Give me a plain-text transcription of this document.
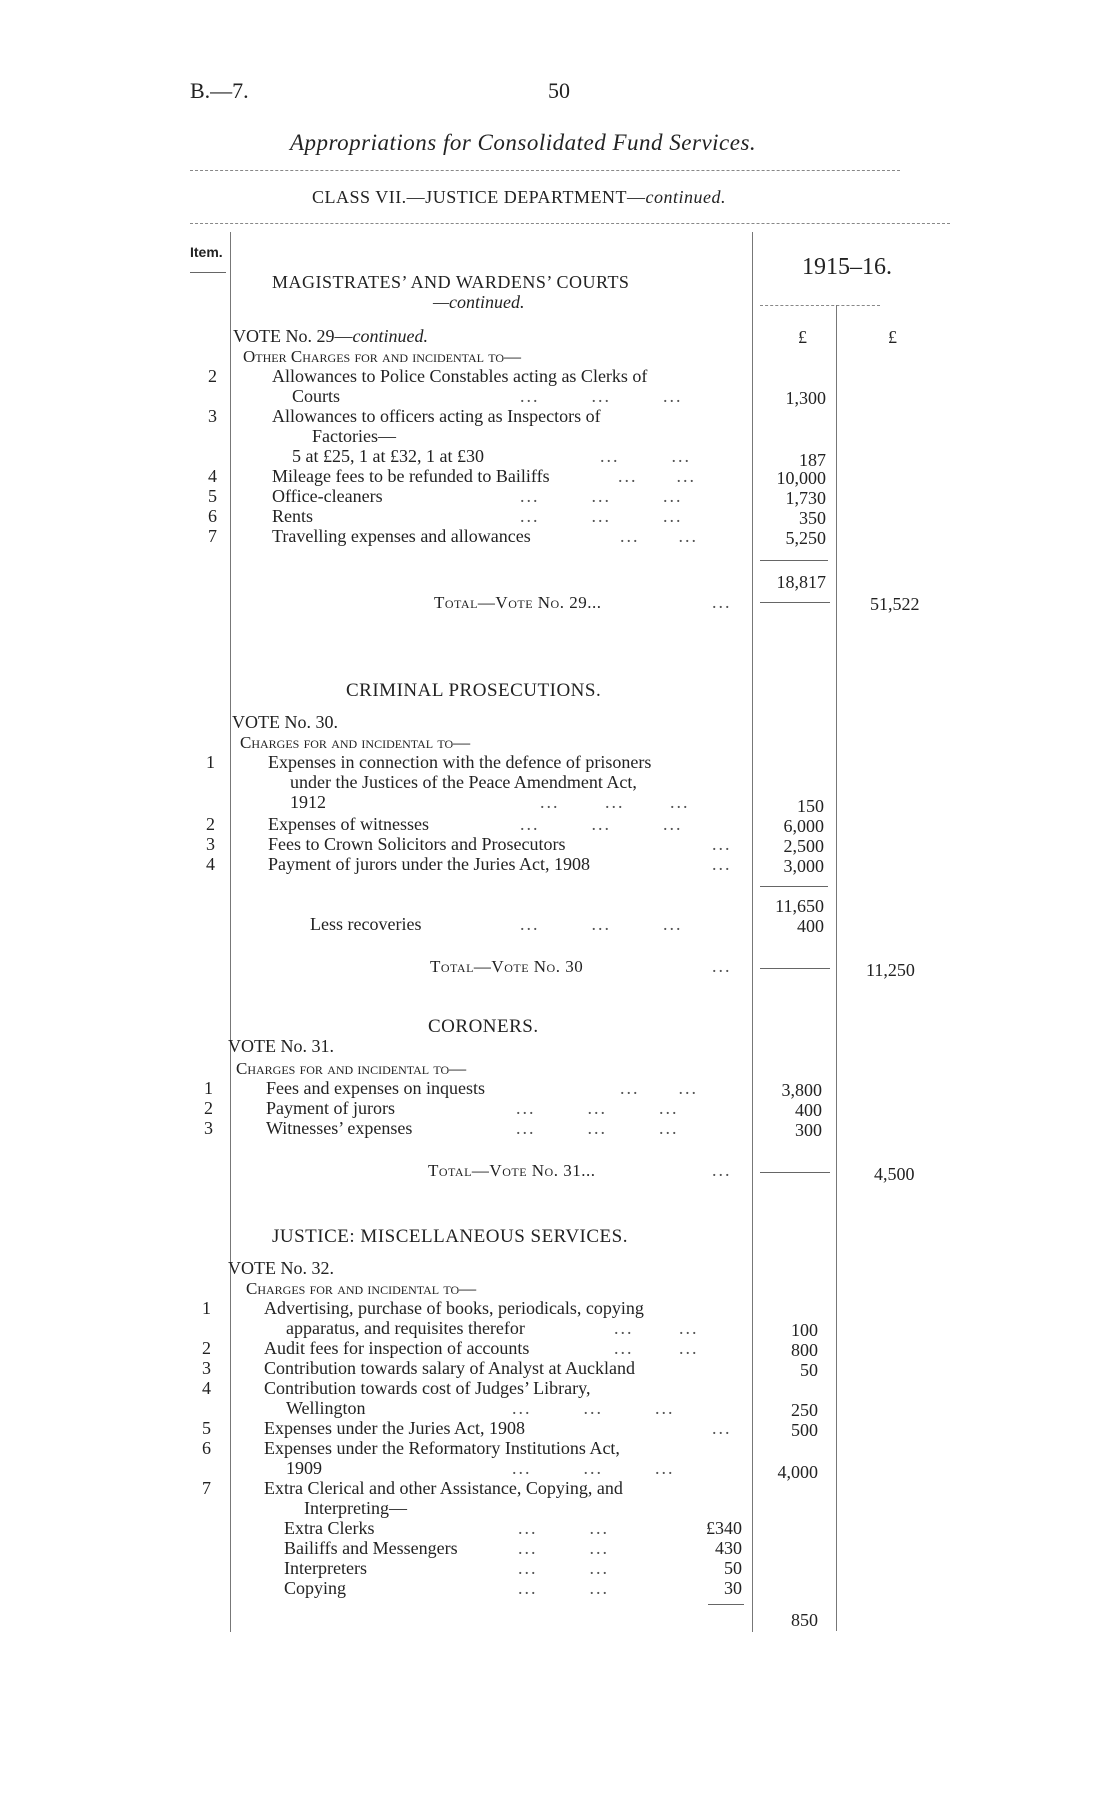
B.—7.	50
Appropriations for Consolidated Fund Services.
CLASS VII.—JUSTICE DEPARTMENT—continued.
Item.
1915–16.
£	£
MAGISTRATES’ AND WARDENS’ COURTS
—continued.
VOTE No. 29—continued.
Other Charges for and incidental to—
2	Allowances to Police Constables acting as Clerks of
Courts	...        ...        ...	1,300
3	Allowances to officers acting as Inspectors of
Factories—
5 at £25, 1 at £32, 1 at £30	...        ...	187
4	Mileage fees to be refunded to Bailiffs	...      ...	10,000
5	Office-cleaners	...        ...        ...	1,730
6	Rents	...        ...        ...	350
7	Travelling expenses and allowances	...      ...	5,250
18,817
Total—Vote No. 29...	...	51,522
CRIMINAL PROSECUTIONS.
VOTE No. 30.
Charges for and incidental to—
1	Expenses in connection with the defence of prisoners
under the Justices of the Peace Amendment Act,
1912	...       ...       ...	150
2	Expenses of witnesses	...        ...        ...	6,000
3	Fees to Crown Solicitors and Prosecutors	...	2,500
4	Payment of jurors under the Juries Act, 1908	...	3,000
11,650
Less recoveries	...        ...        ...	400
Total—Vote No. 30	...	11,250
CORONERS.
VOTE No. 31.
Charges for and incidental to—
1	Fees and expenses on inquests	...      ...	3,800
2	Payment of jurors	...        ...        ...	400
3	Witnesses’ expenses	...        ...        ...	300
Total—Vote No. 31...	...	4,500
JUSTICE: MISCELLANEOUS SERVICES.
VOTE No. 32.
Charges for and incidental to—
1	Advertising, purchase of books, periodicals, copying
apparatus, and requisites therefor	...       ...	100
2	Audit fees for inspection of accounts	...       ...	800
3	Contribution towards salary of Analyst at Auckland	50
4	Contribution towards cost of Judges’ Library,
Wellington	...        ...        ...	250
5	Expenses under the Juries Act, 1908	...	500
6	Expenses under the Reformatory Institutions Act,
1909	...        ...        ...	4,000
7	Extra Clerical and other Assistance, Copying, and
Interpreting—
Extra Clerks	...        ...	£340
Bailiffs and Messengers	...        ...	430
Interpreters	...        ...	50
Copying	...        ...	30
850
